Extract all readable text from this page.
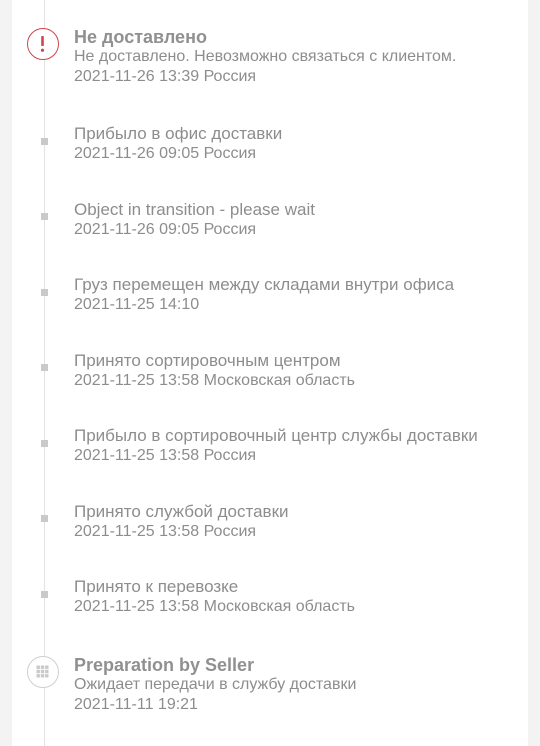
Не доставлено
Не доставлено. Невозможно связаться с клиентом.
2021-11-26 13:39 Россия
Прибыло в офис доставки
2021-11-26 09:05 Россия
Object in transition - please wait
2021-11-26 09:05 Россия
Груз перемещен между складами внутри офиса
2021-11-25 14:10
Принято сортировочным центром
2021-11-25 13:58 Московская область
Прибыло в сортировочный центр службы доставки
2021-11-25 13:58 Россия
Принято службой доставки
2021-11-25 13:58 Россия
Принято к перевозке
2021-11-25 13:58 Московская область
Preparation by Seller
Ожидает передачи в службу доставки
2021-11-11 19:21
